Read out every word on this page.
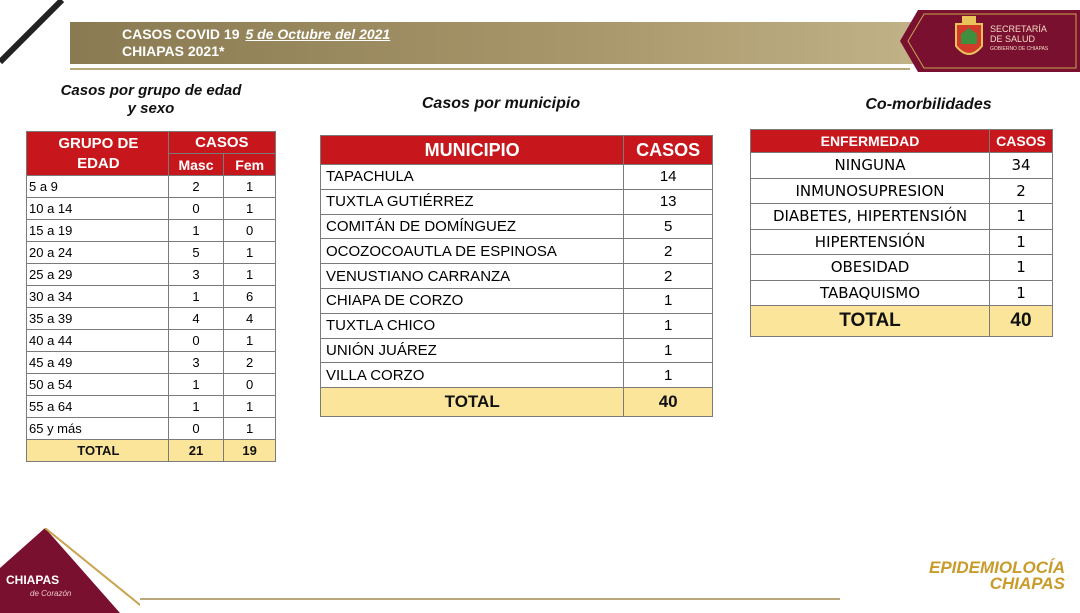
CASOS COVID 19 5 de Octubre del 2021
CHIAPAS 2021*
SECRETARÍA
DE SALUD
GOBIERNO DE CHIAPAS
Casos por grupo de edad
y sexo	Casos por municipio	Co-morbilidades
GRUPO DE
EDAD	CASOS	
	Masc	Fem
5 a 9	2	1
10 a 14	0	1
15 a 19	1	0
20 a 24	5	1
25 a 29	3	1
30 a 34	1	6
35 a 39	4	4
40 a 44	0	1
45 a 49	3	2
50 a 54	1	0
55 a 64	1	1
65 y más	0	1
TOTAL	21	19
MUNICIPIO	CASOS
TAPACHULA	14
TUXTLA GUTIÉRREZ	13
COMITÁN DE DOMÍNGUEZ	5
OCOZOCOAUTLA DE ESPINOSA	2
VENUSTIANO CARRANZA	2
CHIAPA DE CORZO	1
TUXTLA CHICO	1
UNIÓN JUÁREZ	1
VILLA CORZO	1
TOTAL	40
ENFERMEDAD	CASOS
NINGUNA	34
INMUNOSUPRESION	2
DIABETES, HIPERTENSIÓN	1
HIPERTENSIÓN	1
OBESIDAD	1
TABAQUISMO	1
TOTAL	40
CHIAPAS
de Corazón
EPIDEMIOLOCÍA
CHIAPAS
